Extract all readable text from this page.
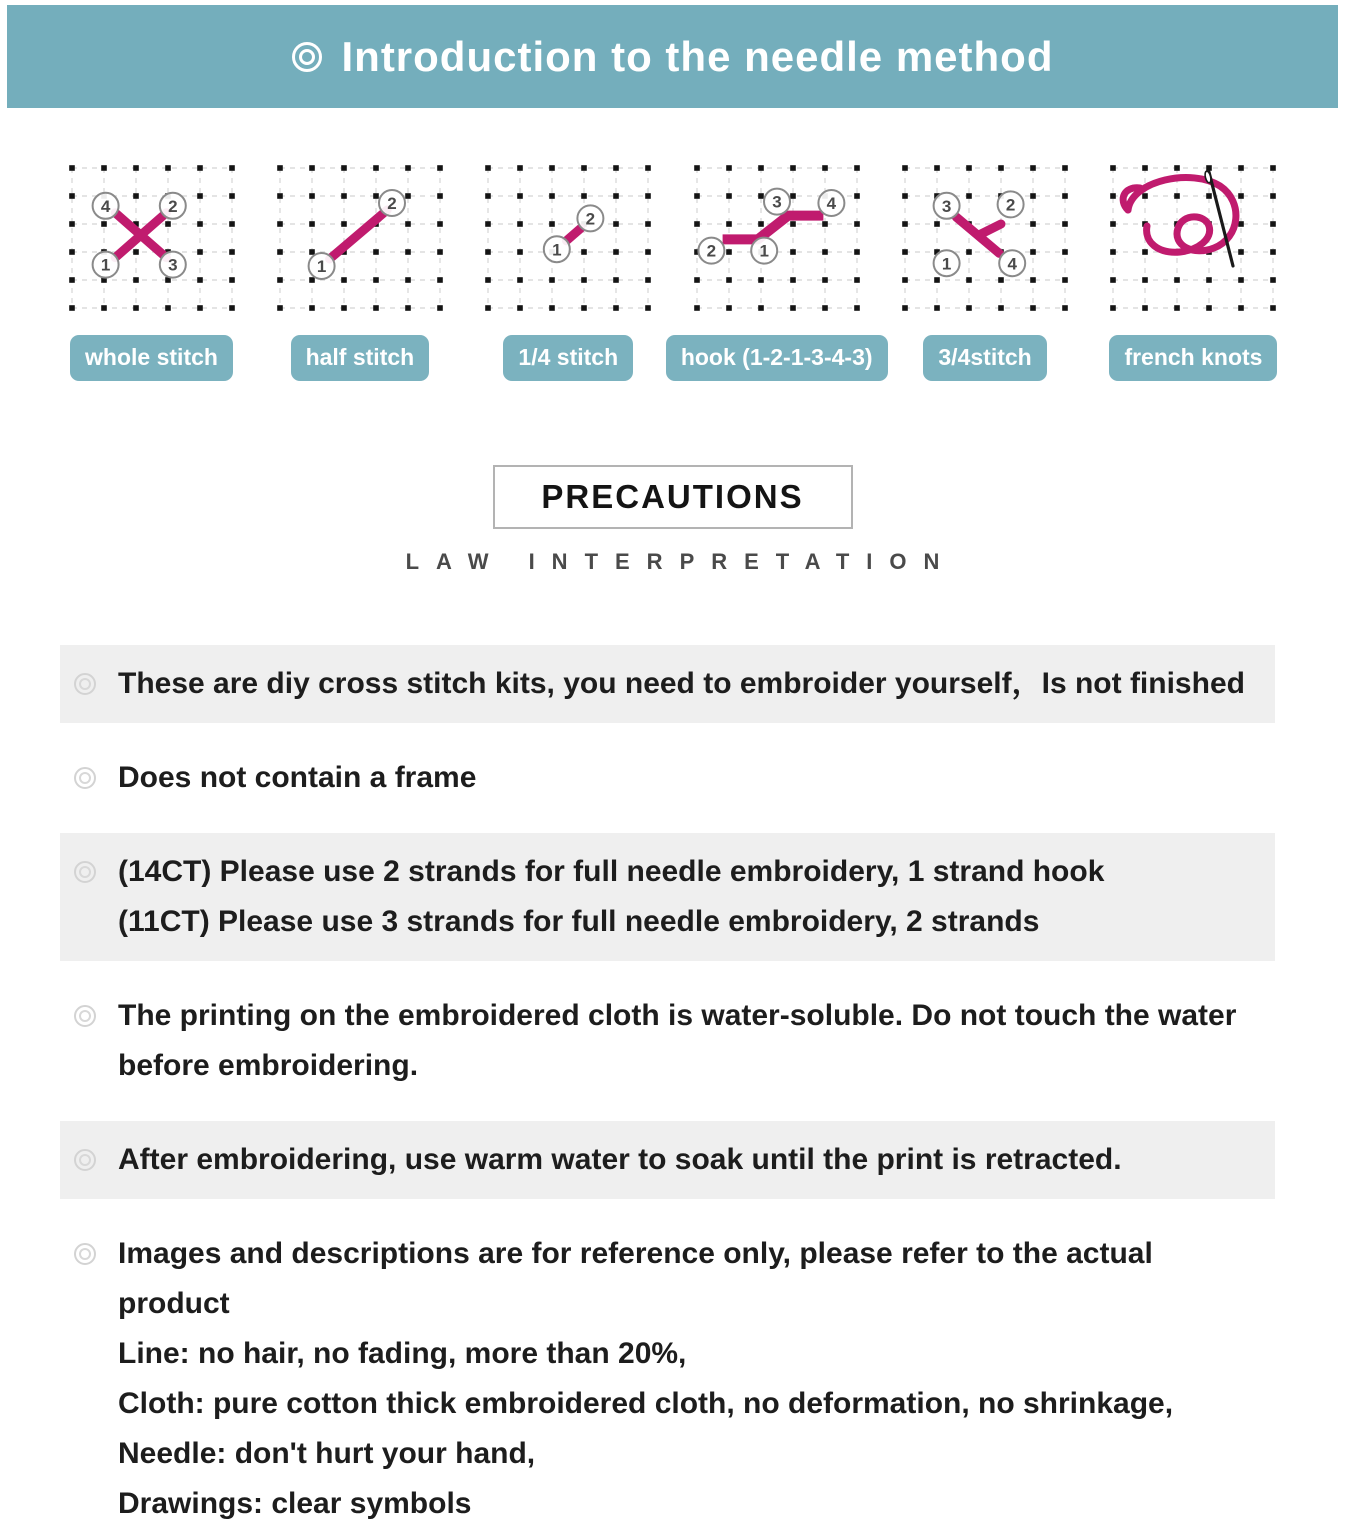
Introduction to the needle method
4	2
1	3
whole stitch
1
2
half stitch
1
2
1/4 stitch
2	1
3	4
hook (1-2-1-3-4-3)
3	2
1	4
3/4stitch	french knots
PRECAUTIONS
LAW INTERPRETATION
These are diy cross stitch kits, you need to embroider yourself，Is not finished
Does not contain a frame
(14CT) Please use 2 strands for full needle embroidery, 1 strand hook
(11CT) Please use 3 strands for full needle embroidery, 2 strands
The printing on the embroidered cloth is water-soluble. Do not touch the water
before embroidering.
After embroidering, use warm water to soak until the print is retracted.
Images and descriptions are for reference only, please refer to the actual product
Line: no hair, no fading, more than 20%,
Cloth: pure cotton thick embroidered cloth, no deformation, no shrinkage,
Needle: don't hurt your hand,
Drawings: clear symbols
